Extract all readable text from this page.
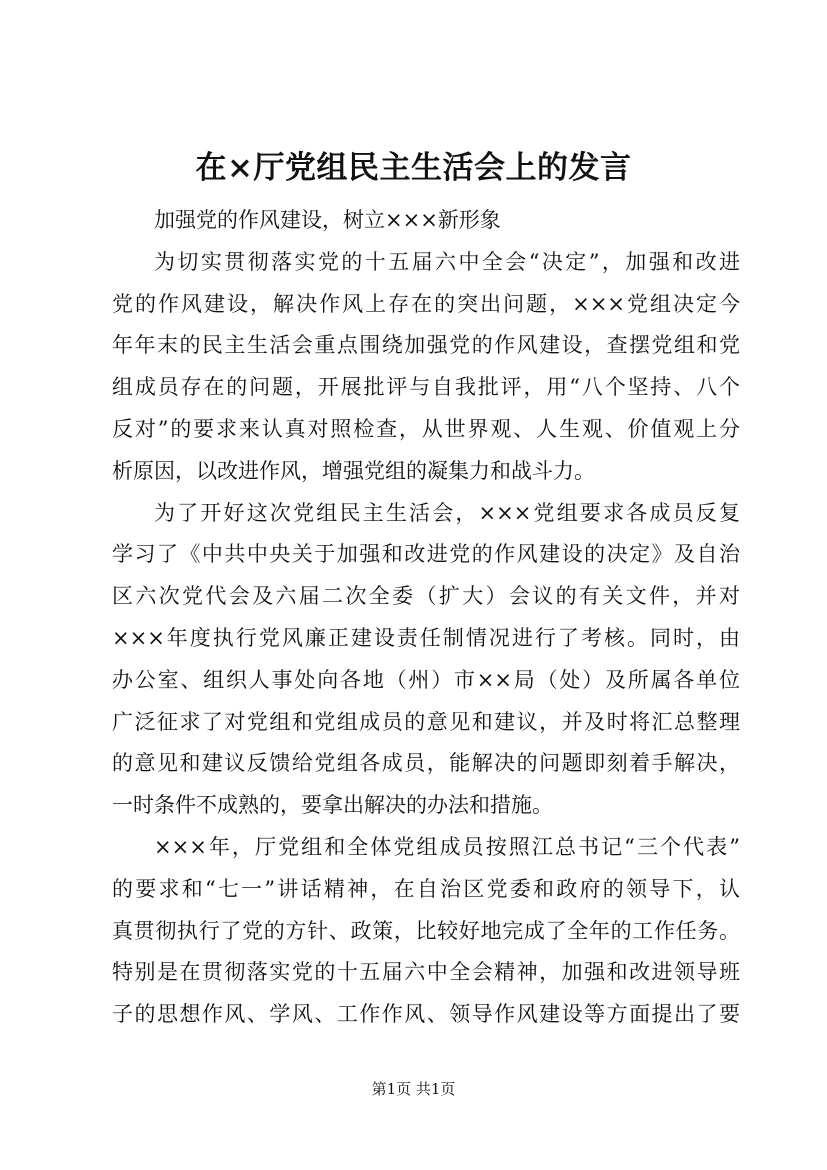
在×厅党组民主生活会上的发言
加强党的作风建设，树立×××新形象
为切实贯彻落实党的十五届六中全会“决定”，加强和改进
党的作风建设，解决作风上存在的突出问题，×××党组决定今
年年末的民主生活会重点围绕加强党的作风建设，查摆党组和党
组成员存在的问题，开展批评与自我批评，用“八个坚持、八个
反对”的要求来认真对照检查，从世界观、人生观、价值观上分
析原因，以改进作风，增强党组的凝集力和战斗力。
为了开好这次党组民主生活会，×××党组要求各成员反复
学习了《中共中央关于加强和改进党的作风建设的决定》及自治
区六次党代会及六届二次全委（扩大）会议的有关文件，并对
×××年度执行党风廉正建设责任制情况进行了考核。同时，由
办公室、组织人事处向各地（州）市××局（处）及所属各单位
广泛征求了对党组和党组成员的意见和建议，并及时将汇总整理
的意见和建议反馈给党组各成员，能解决的问题即刻着手解决，
一时条件不成熟的，要拿出解决的办法和措施。
×××年，厅党组和全体党组成员按照江总书记“三个代表”
的要求和“七一”讲话精神，在自治区党委和政府的领导下，认
真贯彻执行了党的方针、政策，比较好地完成了全年的工作任务。
特别是在贯彻落实党的十五届六中全会精神，加强和改进领导班
子的思想作风、学风、工作作风、领导作风建设等方面提出了要
第1页 共1页
